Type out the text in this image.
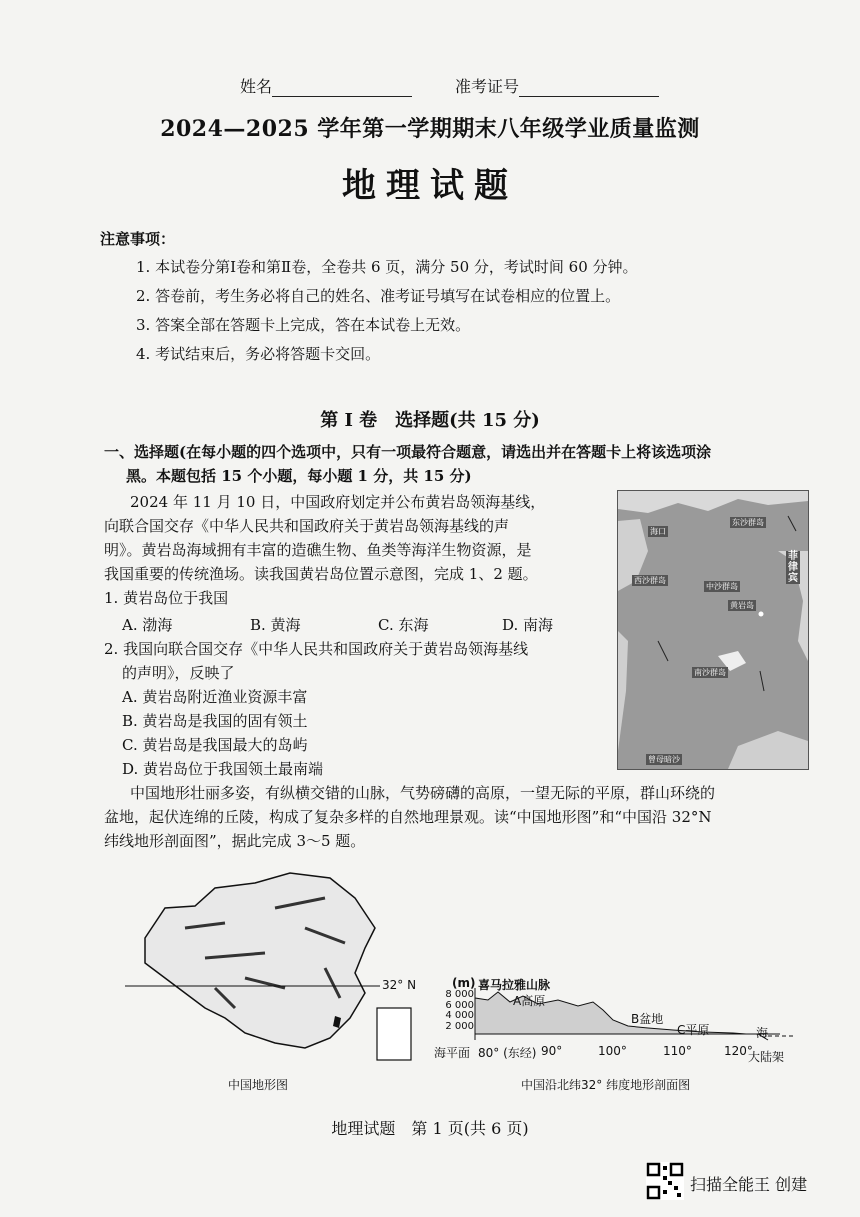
姓名	准考证号
2024—2025 学年第一学期期末八年级学业质量监测
地理试题
注意事项：
1. 本试卷分第Ⅰ卷和第Ⅱ卷，全卷共 6 页，满分 50 分，考试时间 60 分钟。
2. 答卷前，考生务必将自己的姓名、准考证号填写在试卷相应的位置上。
3. 答案全部在答题卡上完成，答在本试卷上无效。
4. 考试结束后，务必将答题卡交回。
第 I 卷　选择题(共 15 分)
一、选择题(在每小题的四个选项中，只有一项最符合题意，请选出并在答题卡上将该选项涂
黑。本题包括 15 个小题，每小题 1 分，共 15 分)
2024 年 11 月 10 日，中国政府划定并公布黄岩岛领海基线，
向联合国交存《中华人民共和国政府关于黄岩岛领海基线的声
明》。黄岩岛海域拥有丰富的造礁生物、鱼类等海洋生物资源，是
我国重要的传统渔场。读我国黄岩岛位置示意图，完成 1、2 题。
1. 黄岩岛位于我国
A. 渤海	B. 黄海	C. 东海	D. 南海
2. 我国向联合国交存《中华人民共和国政府关于黄岩岛领海基线
的声明》，反映了
A. 黄岩岛附近渔业资源丰富
B. 黄岩岛是我国的固有领土
C. 黄岩岛是我国最大的岛屿
D. 黄岩岛位于我国领土最南端
海口
东沙群岛
西沙群岛
中沙群岛
黄岩岛
菲律宾
南沙群岛
曾母暗沙
中国地形壮丽多姿，有纵横交错的山脉，气势磅礴的高原，一望无际的平原，群山环绕的
盆地，起伏连绵的丘陵，构成了复杂多样的自然地理景观。读“中国地形图”和“中国沿 32°N
纬线地形剖面图”，据此完成 3～5 题。
32° N
中国地形图
(m) 喜马拉雅山脉
A高原
8 000
6 000
4 000
2 000	B盆地
C平原	海
海平面 80° (东经) 90°	100°	110°	120°
大陆架
中国沿北纬32° 纬度地形剖面图
地理试题　第 1 页(共 6 页)
扫描全能王 创建
